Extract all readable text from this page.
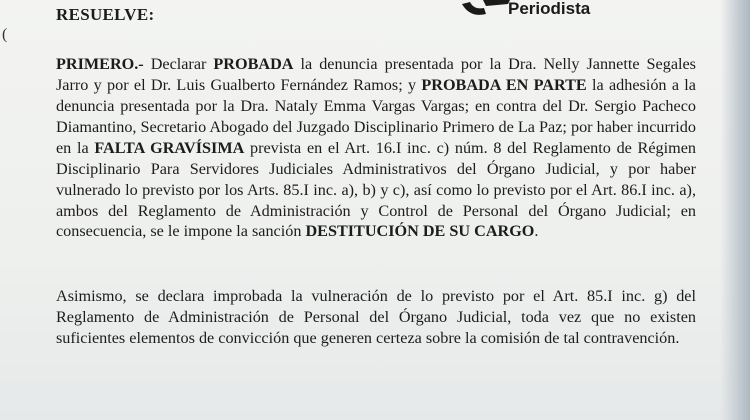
Periodista
(
RESUELVE:

PRIMERO.- Declarar PROBADA la denuncia presentada por la Dra. Nelly Jannette Segales Jarro y por el Dr. Luis Gualberto Fernández Ramos; y PROBADA EN PARTE la adhesión a la denuncia presentada por la Dra. Nataly Emma Vargas Vargas; en contra del Dr. Sergio Pacheco Diamantino, Secretario Abogado del Juzgado Disciplinario Primero de La Paz; por haber incurrido en la FALTA GRAVÍSIMA prevista en el Art. 16.I inc. c) núm. 8 del Reglamento de Régimen Disciplinario Para Servidores Judiciales Administrativos del Órgano Judicial, y por haber vulnerado lo previsto por los Arts. 85.I inc. a), b) y c), así como lo previsto por el Art. 86.I inc. a), ambos del Reglamento de Administración y Control de Personal del Órgano Judicial; en consecuencia, se le impone la sanción DESTITUCIÓN DE SU CARGO.

Asimismo, se declara improbada la vulneración de lo previsto por el Art. 85.I inc. g) del Reglamento de Administración de Personal del Órgano Judicial, toda vez que no existen suficientes elementos de convicción que generen certeza sobre la comisión de tal contravención.
